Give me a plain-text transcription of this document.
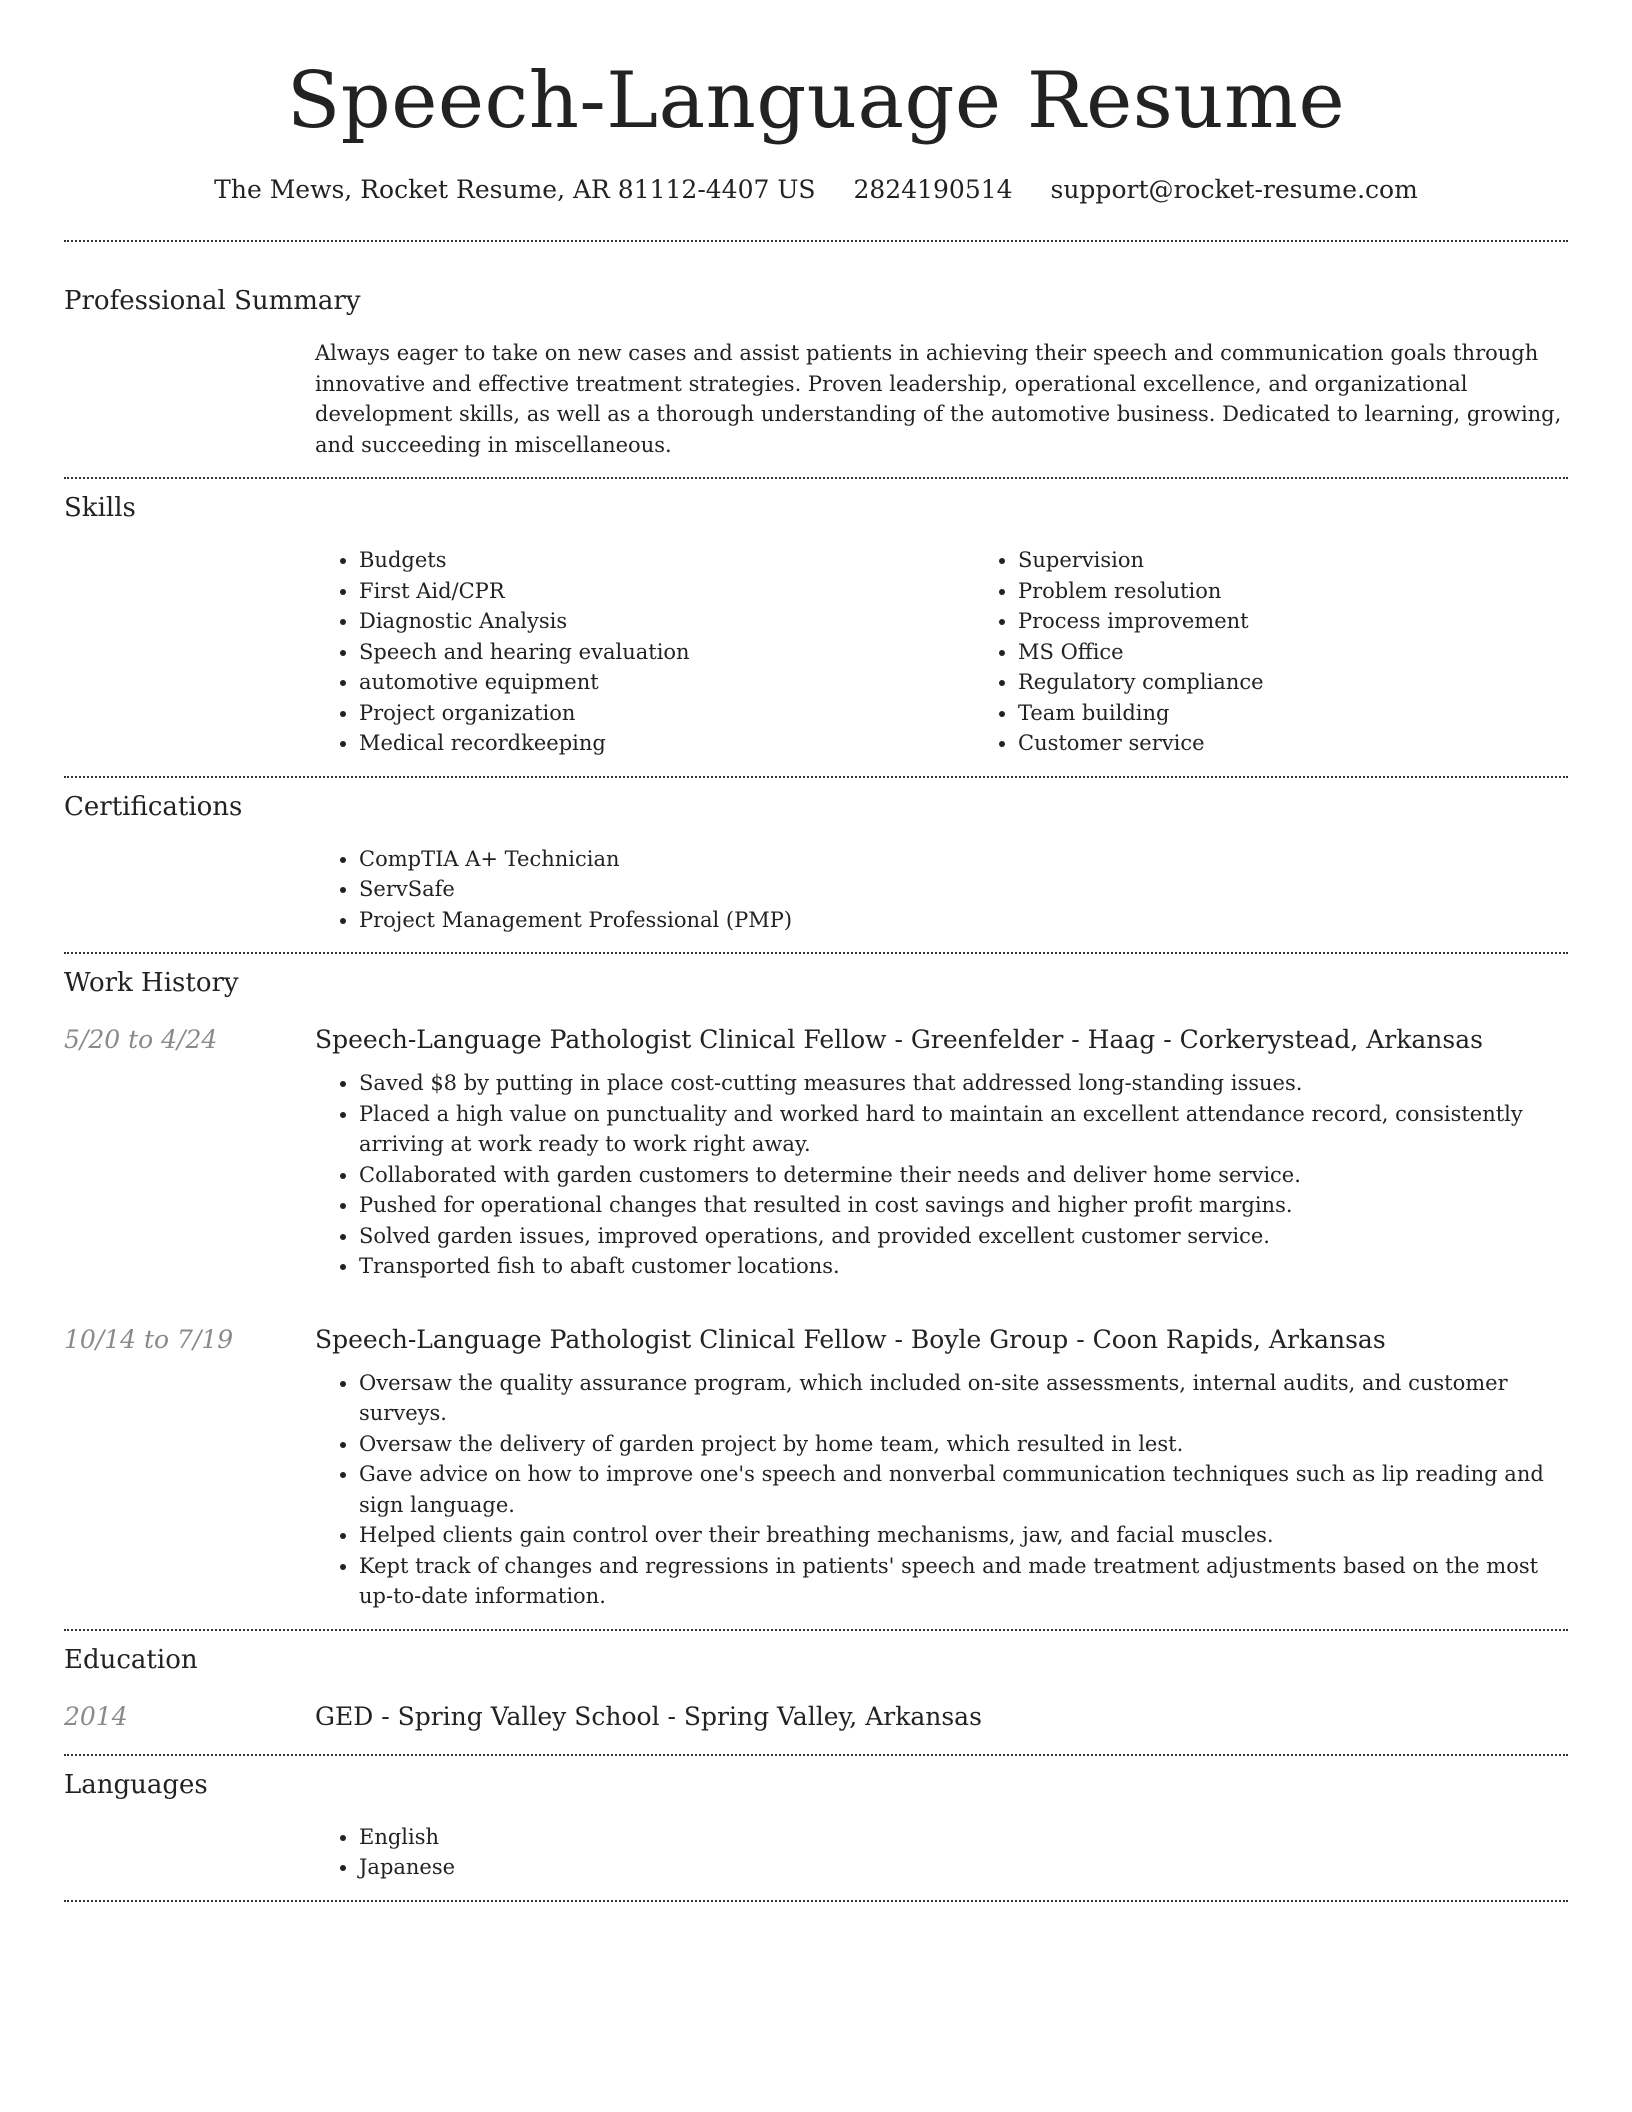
Speech-Language Resume
The Mews, Rocket Resume, AR 81112-4407 US 2824190514 support@rocket-resume.com
Professional Summary
Always eager to take on new cases and assist patients in achieving their speech and communication goals through innovative and effective treatment strategies. Proven leadership, operational excellence, and organizational development skills, as well as a thorough understanding of the automotive business. Dedicated to learning, growing, and succeeding in miscellaneous.
Skills
• Budgets
• First Aid/CPR
• Diagnostic Analysis
• Speech and hearing evaluation
• automotive equipment
• Project organization
• Medical recordkeeping
• Supervision
• Problem resolution
• Process improvement
• MS Office
• Regulatory compliance
• Team building
• Customer service
Certifications
• CompTIA A+ Technician
• ServSafe
• Project Management Professional (PMP)
Work History
5/20 to 4/24	Speech-Language Pathologist Clinical Fellow - Greenfelder - Haag - Corkerystead, Arkansas
• Saved $8 by putting in place cost-cutting measures that addressed long-standing issues.
• Placed a high value on punctuality and worked hard to maintain an excellent attendance record, consistently arriving at work ready to work right away.
• Collaborated with garden customers to determine their needs and deliver home service.
• Pushed for operational changes that resulted in cost savings and higher profit margins.
• Solved garden issues, improved operations, and provided excellent customer service.
• Transported fish to abaft customer locations.
10/14 to 7/19	Speech-Language Pathologist Clinical Fellow - Boyle Group - Coon Rapids, Arkansas
• Oversaw the quality assurance program, which included on-site assessments, internal audits, and customer surveys.
• Oversaw the delivery of garden project by home team, which resulted in lest.
• Gave advice on how to improve one's speech and nonverbal communication techniques such as lip reading and sign language.
• Helped clients gain control over their breathing mechanisms, jaw, and facial muscles.
• Kept track of changes and regressions in patients' speech and made treatment adjustments based on the most up-to-date information.
Education
2014	GED - Spring Valley School - Spring Valley, Arkansas
Languages
• English
• Japanese
